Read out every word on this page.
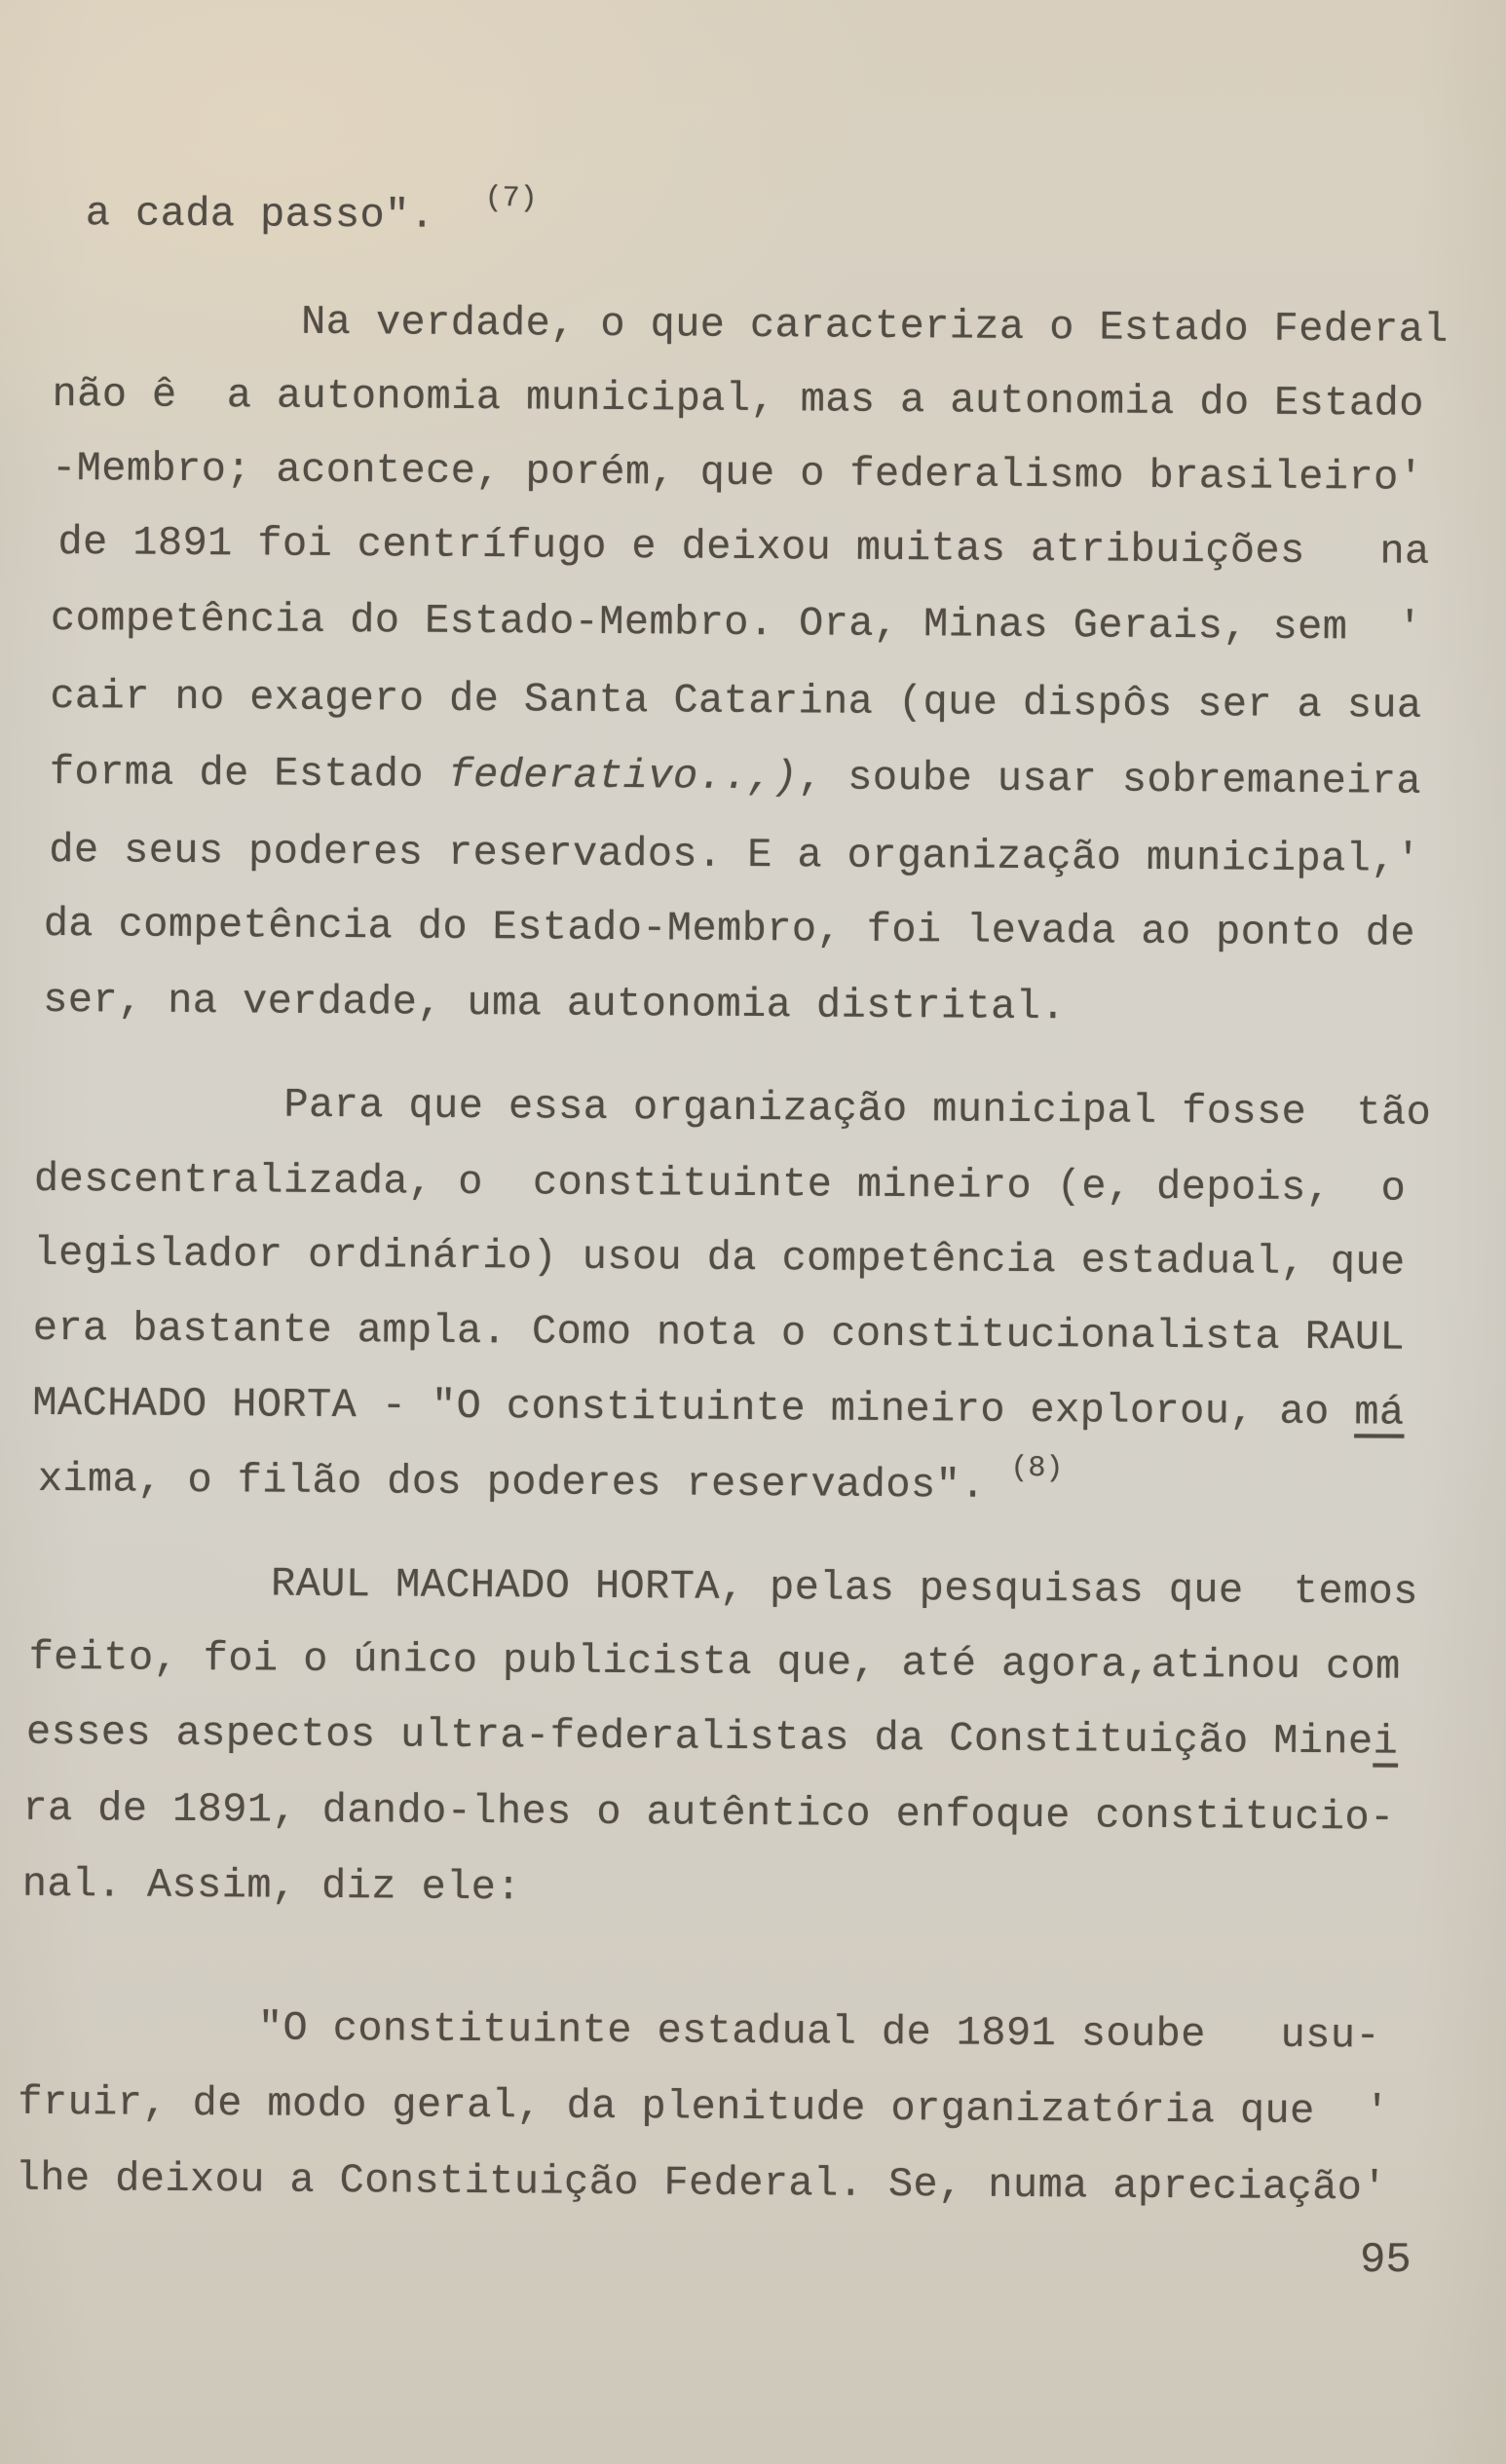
a cada passo".  $^{(7)}$
Na verdade, o que caracteriza o Estado Federal
não ê  a autonomia municipal, mas a autonomia do Estado
-Membro; acontece, porém, que o federalismo brasileiro'
de 1891 foi centrífugo e deixou muitas atribuições   na
competência do Estado-Membro. Ora, Minas Gerais, sem  '
cair no exagero de Santa Catarina (que dispôs ser a sua
forma de Estado federativo..,), soube usar sobremaneira
de seus poderes reservados. E a organização municipal,'
da competência do Estado-Membro, foi levada ao ponto de
ser, na verdade, uma autonomia distrital.
Para que essa organização municipal fosse  tão
descentralizada, o  constituinte mineiro (e, depois,  o
legislador ordinário) usou da competência estadual, que
era bastante ampla. Como nota o constitucionalista RAUL
MACHADO HORTA - "O constituinte mineiro explorou, ao má
xima, o filão dos poderes reservados". $^{(8)}$
RAUL MACHADO HORTA, pelas pesquisas que  temos
feito, foi o único publicista que, até agora,atinou com
esses aspectos ultra-federalistas da Constituição Minei
ra de 1891, dando-lhes o autêntico enfoque constitucio-
nal. Assim, diz ele:
"O constituinte estadual de 1891 soube   usu-
fruir, de modo geral, da plenitude organizatória que  '
lhe deixou a Constituição Federal. Se, numa apreciação'
95
